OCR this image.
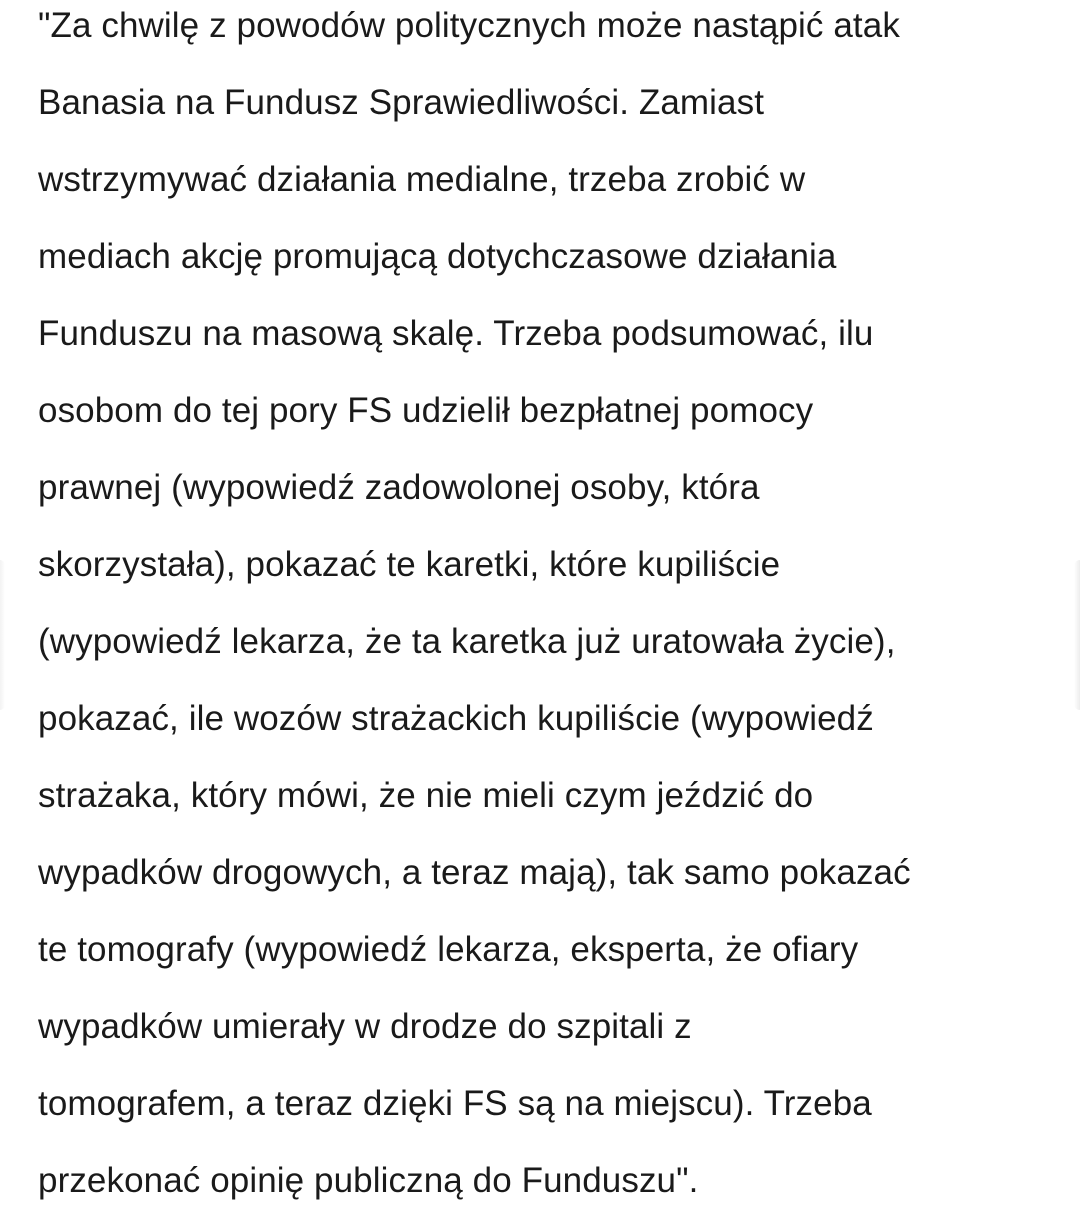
"Za chwilę z powodów politycznych może nastąpić atak
Banasia na Fundusz Sprawiedliwości. Zamiast
wstrzymywać działania medialne, trzeba zrobić w
mediach akcję promującą dotychczasowe działania
Funduszu na masową skalę. Trzeba podsumować, ilu
osobom do tej pory FS udzielił bezpłatnej pomocy
prawnej (wypowiedź zadowolonej osoby, która
skorzystała), pokazać te karetki, które kupiliście
(wypowiedź lekarza, że ta karetka już uratowała życie),
pokazać, ile wozów strażackich kupiliście (wypowiedź
strażaka, który mówi, że nie mieli czym jeździć do
wypadków drogowych, a teraz mają), tak samo pokazać
te tomografy (wypowiedź lekarza, eksperta, że ofiary
wypadków umierały w drodze do szpitali z
tomografem, a teraz dzięki FS są na miejscu). Trzeba
przekonać opinię publiczną do Funduszu".
